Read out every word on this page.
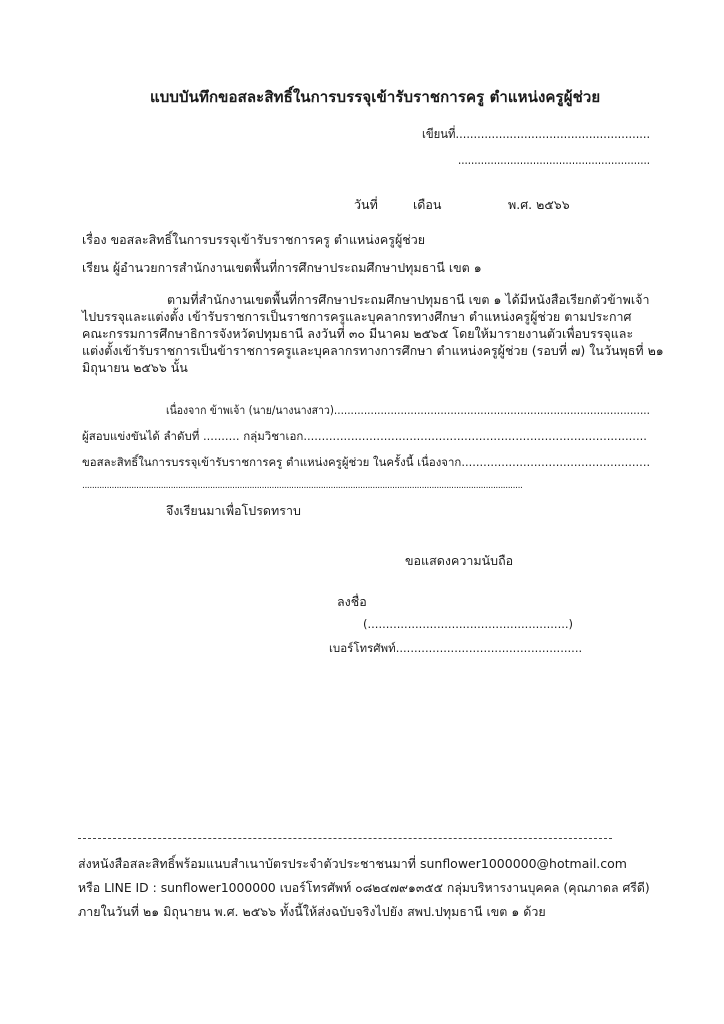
แบบบันทึกขอสละสิทธิ์ในการบรรจุเข้ารับราชการครู ตำแหน่งครูผู้ช่วย
เขียนที่......................................................
...........................................................
วันที่	เดือน	พ.ศ. ๒๕๖๖
เรื่อง ขอสละสิทธิ์ในการบรรจุเข้ารับราชการครู ตำแหน่งครูผู้ช่วย
เรียน ผู้อำนวยการสำนักงานเขตพื้นที่การศึกษาประถมศึกษาปทุมธานี เขต ๑
ตามที่สำนักงานเขตพื้นที่การศึกษาประถมศึกษาปทุมธานี เขต ๑ ได้มีหนังสือเรียกตัวข้าพเจ้า
ไปบรรจุและแต่งตั้ง เข้ารับราชการเป็นราชการครูและบุคลากรทางศึกษา ตำแหน่งครูผู้ช่วย ตามประกาศ
คณะกรรมการศึกษาธิการจังหวัดปทุมธานี ลงวันที่ ๓๐ มีนาคม ๒๕๖๕ โดยให้มารายงานตัวเพื่อบรรจุและ
แต่งตั้งเข้ารับราชการเป็นข้าราชการครูและบุคลากรทางการศึกษา ตำแหน่งครูผู้ช่วย (รอบที่ ๗) ในวันพุธที่ ๒๑
มิถุนายน ๒๕๖๖ นั้น
เนื่องจาก ข้าพเจ้า (นาย/นางนางสาว)...............................................................................................
ผู้สอบแข่งขันได้ ลำดับที่ .......... กลุ่มวิชาเอก..............................................................................................
ขอสละสิทธิ์ในการบรรจุเข้ารับราชการครู ตำแหน่งครูผู้ช่วย ในครั้งนี้ เนื่องจาก....................................................
...................................................................................................................................................................................
จึงเรียนมาเพื่อโปรดทราบ
ขอแสดงความนับถือ
ลงชื่อ
(.......................................................)
เบอร์โทรศัพท์...................................................
ส่งหนังสือสละสิทธิ์พร้อมแนบสำเนาบัตรประจำตัวประชาชนมาที่ sunflower1000000@hotmail.com
หรือ LINE ID : sunflower1000000 เบอร์โทรศัพท์ ๐๘๒๔๗๙๑๓๕๕ กลุ่มบริหารงานบุคคล (คุณภาดล ศรีดี)
ภายในวันที่ ๒๑ มิถุนายน พ.ศ. ๒๕๖๖ ทั้งนี้ให้ส่งฉบับจริงไปยัง สพป.ปทุมธานี เขต ๑ ด้วย
